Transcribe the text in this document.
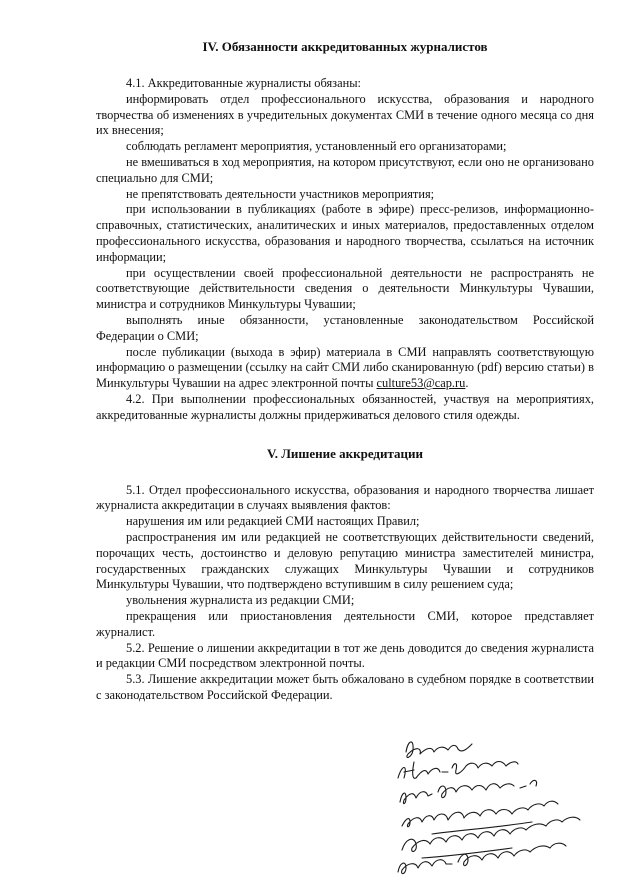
IV. Обязанности аккредитованных журналистов

4.1. Аккредитованные журналисты обязаны:

информировать отдел профессионального искусства, образования и народного творчества об изменениях в учредительных документах СМИ в течение одного месяца со дня их внесения;

соблюдать регламент мероприятия, установленный его организаторами;

не вмешиваться в ход мероприятия, на котором присутствуют, если оно не организовано специально для СМИ;

не препятствовать деятельности участников мероприятия;

при использовании в публикациях (работе в эфире) пресс-релизов, информационно-справочных, статистических, аналитических и иных материалов, предоставленных отделом профессионального искусства, образования и народного творчества, ссылаться на источник информации;

при осуществлении своей профессиональной деятельности не распространять не соответствующие действительности сведения о деятельности Минкультуры Чувашии, министра и сотрудников Минкультуры Чувашии;

выполнять иные обязанности, установленные законодательством Российской Федерации о СМИ;

после публикации (выхода в эфир) материала в СМИ направлять соответствующую информацию о размещении (ссылку на сайт СМИ либо сканированную (pdf) версию статьи) в Минкультуры Чувашии на адрес электронной почты culture53@cap.ru.

4.2. При выполнении профессиональных обязанностей, участвуя на мероприятиях, аккредитованные журналисты должны придерживаться делового стиля одежды.

V. Лишение аккредитации

5.1. Отдел профессионального искусства, образования и народного творчества лишает журналиста аккредитации в случаях выявления фактов:

нарушения им или редакцией СМИ настоящих Правил;

распространения им или редакцией не соответствующих действительности сведений, порочащих честь, достоинство и деловую репутацию министра заместителей министра, государственных гражданских служащих Минкультуры Чувашии и сотрудников Минкультуры Чувашии, что подтверждено вступившим в силу решением суда;

увольнения журналиста из редакции СМИ;

прекращения или приостановления деятельности СМИ, которое представляет журналист.

5.2. Решение о лишении аккредитации в тот же день доводится до сведения журналиста и редакции СМИ посредством электронной почты.

5.3. Лишение аккредитации может быть обжаловано в судебном порядке в соответствии с законодательством Российской Федерации.
